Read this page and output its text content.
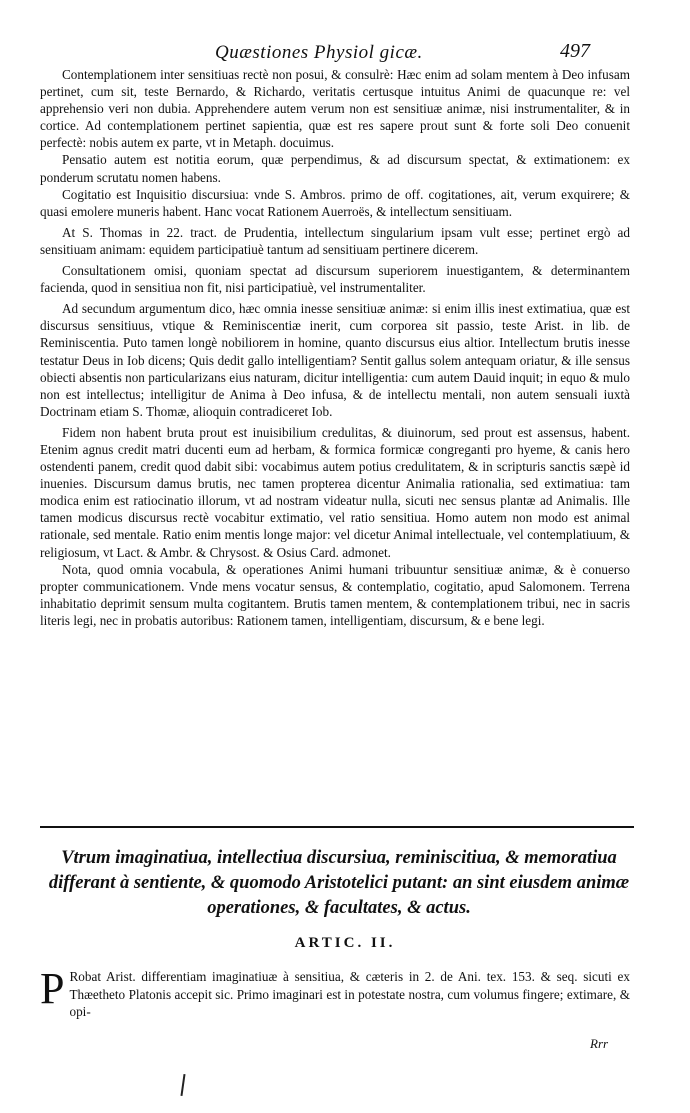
Quæstiones Physiol gicæ.	497

Contemplationem inter sensitiuas rectè non posui, & consulrè: Hæc enim ad solam mentem à Deo infusam pertinet, cum sit, teste Bernardo, & Richardo, veritatis certusque intuitus Animi de quacunque re: vel apprehensio veri non dubia. Apprehendere autem verum non est sensitiuæ animæ, nisi instrumentaliter, & in cortice. Ad contemplationem pertinet sapientia, quæ est res sapere prout sunt & forte soli Deo conuenit perfectè: nobis autem ex parte, vt in Metaph. docuimus.

Pensatio autem est notitia eorum, quæ perpendimus, & ad discursum spectat, & extimationem: ex ponderum scrutatu nomen habens.

Cogitatio est Inquisitio discursiua: vnde S. Ambros. primo de off. cogitationes, ait, verum exquirere; & quasi emolere muneris habent. Hanc vocat Rationem Auerroës, & intellectum sensitiuam.

At S. Thomas in 22. tract. de Prudentia, intellectum singularium ipsam vult esse; pertinet ergò ad sensitiuam animam: equidem participatiuè tantum ad sensitiuam pertinere dicerem.

Consultationem omisi, quoniam spectat ad discursum superiorem inuestigantem, & determinantem facienda, quod in sensitiua non fit, nisi participatiuè, vel instrumentaliter.

Ad secundum argumentum dico, hæc omnia inesse sensitiuæ animæ: si enim illis inest extimatiua, quæ est discursus sensitiuus, vtique & Reminiscentiæ inerit, cum corporea sit passio, teste Arist. in lib. de Reminiscentia. Puto tamen longè nobiliorem in homine, quanto discursus eius altior. Intellectum brutis inesse testatur Deus in Iob dicens; Quis dedit gallo intelligentiam? Sentit gallus solem antequam oriatur, & ille sensus obiecti absentis non particularizans eius naturam, dicitur intelligentia: cum autem Dauid inquit; in equo & mulo non est intellectus; intelligitur de Anima à Deo infusa, & de intellectu mentali, non autem sensuali iuxtà Doctrinam etiam S. Thomæ, alioquin contradiceret Iob.

Fidem non habent bruta prout est inuisibilium credulitas, & diuinorum, sed prout est assensus, habent. Etenim agnus credit matri ducenti eum ad herbam, & formica formicæ congreganti pro hyeme, & canis hero ostendenti panem, credit quod dabit sibi: vocabimus autem potius credulitatem, & in scripturis sanctis sæpè id inuenies. Discursum damus brutis, nec tamen propterea dicentur Animalia rationalia, sed extimatiua: tam modica enim est ratiocinatio illorum, vt ad nostram videatur nulla, sicuti nec sensus plantæ ad Animalis. Ille tamen modicus discursus rectè vocabitur extimatio, vel ratio sensitiua. Homo autem non modo est animal rationale, sed mentale. Ratio enim mentis longe major: vel dicetur Animal intellectuale, vel contemplatiuum, & religiosum, vt Lact. & Ambr. & Chrysost. & Osius Card. admonet.

Nota, quod omnia vocabula, & operationes Animi humani tribuuntur sensitiuæ animæ, & è conuerso propter communicationem. Vnde mens vocatur sensus, & contemplatio, cogitatio, apud Salomonem. Terrena inhabitatio deprimit sensum multa cogitantem. Brutis tamen mentem, & contemplationem tribui, nec in sacris literis legi, nec in probatis autoribus: Rationem tamen, intelligentiam, discursum, & e bene legi.

Vtrum imaginatiua, intellectiua discursiua, reminiscitiua, & memoratiua differant à sentiente, & quomodo Aristotelici putant: an sint eiusdem animæ operationes, & facultates, & actus.
ARTIC. II.
P Robat Arist. differentiam imaginatiuæ à sensitiua, & cæteris in 2. de Ani. tex. 153. & seq. sicuti ex Thæetheto Platonis accepit sic. Primo imaginari est in potestate nostra, cum volumus fingere; extimare, & opi-

Rrr
